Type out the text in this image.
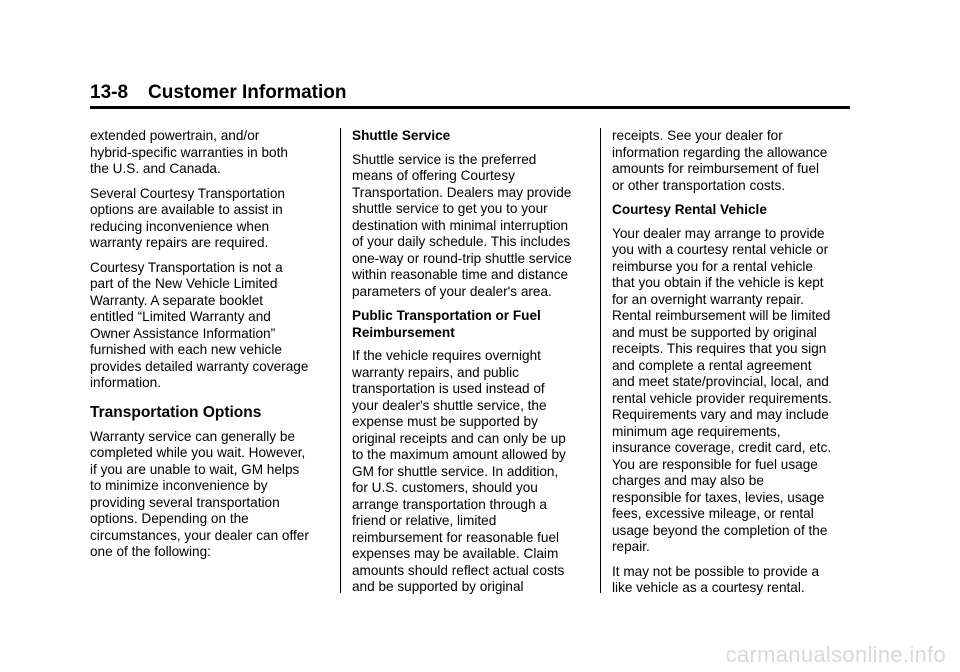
13-8 Customer Information

extended powertrain, and/or
hybrid-specific warranties in both
the U.S. and Canada.

Several Courtesy Transportation
options are available to assist in
reducing inconvenience when
warranty repairs are required.

Courtesy Transportation is not a
part of the New Vehicle Limited
Warranty. A separate booklet
entitled “Limited Warranty and
Owner Assistance Information”
furnished with each new vehicle
provides detailed warranty coverage
information.

Transportation Options

Warranty service can generally be
completed while you wait. However,
if you are unable to wait, GM helps
to minimize inconvenience by
providing several transportation
options. Depending on the
circumstances, your dealer can offer
one of the following:

Shuttle Service

Shuttle service is the preferred
means of offering Courtesy
Transportation. Dealers may provide
shuttle service to get you to your
destination with minimal interruption
of your daily schedule. This includes
one-way or round-trip shuttle service
within reasonable time and distance
parameters of your dealer's area.

Public Transportation or Fuel
Reimbursement

If the vehicle requires overnight
warranty repairs, and public
transportation is used instead of
your dealer's shuttle service, the
expense must be supported by
original receipts and can only be up
to the maximum amount allowed by
GM for shuttle service. In addition,
for U.S. customers, should you
arrange transportation through a
friend or relative, limited
reimbursement for reasonable fuel
expenses may be available. Claim
amounts should reflect actual costs
and be supported by original

receipts. See your dealer for
information regarding the allowance
amounts for reimbursement of fuel
or other transportation costs.

Courtesy Rental Vehicle

Your dealer may arrange to provide
you with a courtesy rental vehicle or
reimburse you for a rental vehicle
that you obtain if the vehicle is kept
for an overnight warranty repair.
Rental reimbursement will be limited
and must be supported by original
receipts. This requires that you sign
and complete a rental agreement
and meet state/provincial, local, and
rental vehicle provider requirements.
Requirements vary and may include
minimum age requirements,
insurance coverage, credit card, etc.
You are responsible for fuel usage
charges and may also be
responsible for taxes, levies, usage
fees, excessive mileage, or rental
usage beyond the completion of the
repair.

It may not be possible to provide a
like vehicle as a courtesy rental.

carmanualsonline.info
